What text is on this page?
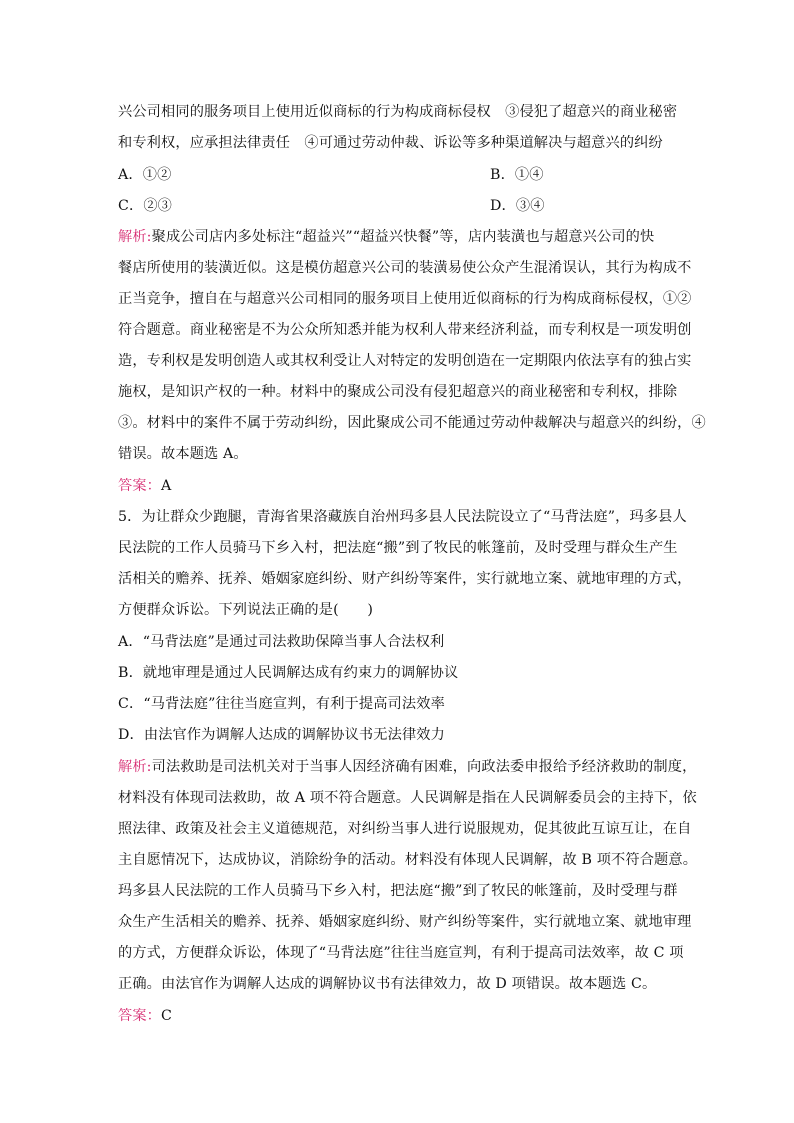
兴公司相同的服务项目上使用近似商标的行为构成商标侵权　③侵犯了超意兴的商业秘密
和专利权，应承担法律责任　④可通过劳动仲裁、诉讼等多种渠道解决与超意兴的纠纷
A．①②	B．①④
C．②③	D．③④
解析:聚成公司店内多处标注“超益兴”“超益兴快餐”等，店内装潢也与超意兴公司的快
餐店所使用的装潢近似。这是模仿超意兴公司的装潢易使公众产生混淆误认，其行为构成不
正当竞争，擅自在与超意兴公司相同的服务项目上使用近似商标的行为构成商标侵权，①②
符合题意。商业秘密是不为公众所知悉并能为权利人带来经济利益，而专利权是一项发明创
造，专利权是发明创造人或其权利受让人对特定的发明创造在一定期限内依法享有的独占实
施权，是知识产权的一种。材料中的聚成公司没有侵犯超意兴的商业秘密和专利权，排除
③。材料中的案件不属于劳动纠纷，因此聚成公司不能通过劳动仲裁解决与超意兴的纠纷，④
错误。故本题选 A。
答案：A
5．为让群众少跑腿，青海省果洛藏族自治州玛多县人民法院设立了“马背法庭”，玛多县人
民法院的工作人员骑马下乡入村，把法庭“搬”到了牧民的帐篷前，及时受理与群众生产生
活相关的赡养、抚养、婚姻家庭纠纷、财产纠纷等案件，实行就地立案、就地审理的方式，
方便群众诉讼。下列说法正确的是(　　)
A．“马背法庭”是通过司法救助保障当事人合法权利
B．就地审理是通过人民调解达成有约束力的调解协议
C．“马背法庭”往往当庭宣判，有利于提高司法效率
D．由法官作为调解人达成的调解协议书无法律效力
解析:司法救助是司法机关对于当事人因经济确有困难，向政法委申报给予经济救助的制度，
材料没有体现司法救助，故 A 项不符合题意。人民调解是指在人民调解委员会的主持下，依
照法律、政策及社会主义道德规范，对纠纷当事人进行说服规劝，促其彼此互谅互让，在自
主自愿情况下，达成协议，消除纷争的活动。材料没有体现人民调解，故 B 项不符合题意。
玛多县人民法院的工作人员骑马下乡入村，把法庭“搬”到了牧民的帐篷前，及时受理与群
众生产生活相关的赡养、抚养、婚姻家庭纠纷、财产纠纷等案件，实行就地立案、就地审理
的方式，方便群众诉讼，体现了“马背法庭”往往当庭宣判，有利于提高司法效率，故 C 项
正确。由法官作为调解人达成的调解协议书有法律效力，故 D 项错误。故本题选 C。
答案：C
